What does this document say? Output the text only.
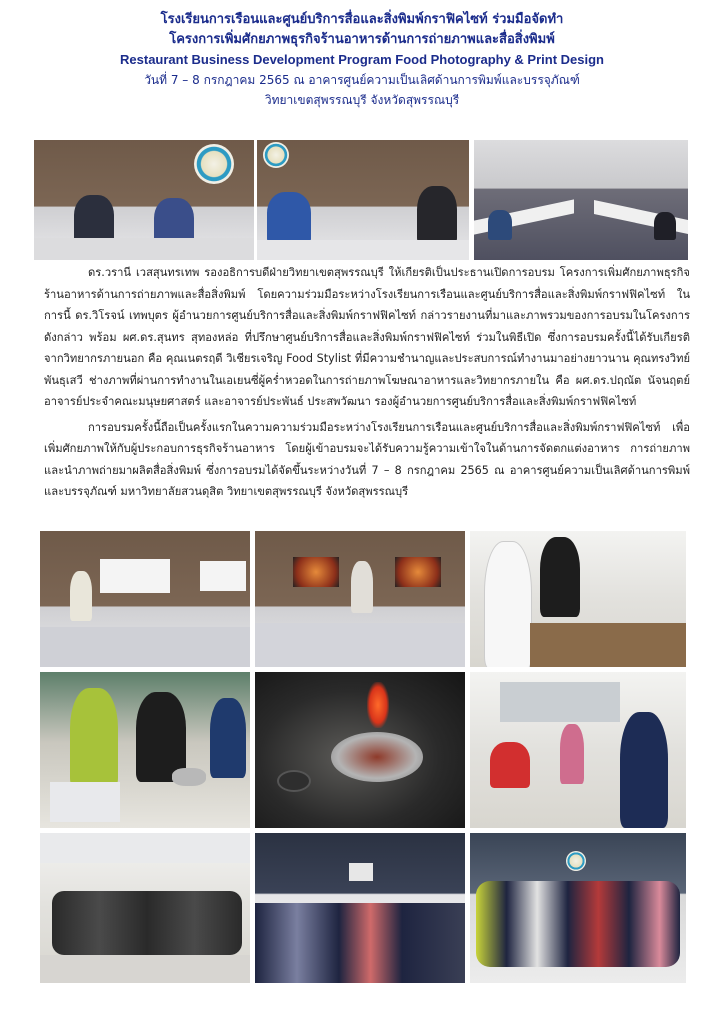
โรงเรียนการเรือนและศูนย์บริการสื่อและสิ่งพิมพ์กราฟิคไซท์ ร่วมมือจัดทำ
โครงการเพิ่มศักยภาพธุรกิจร้านอาหารด้านการถ่ายภาพและสื่อสิ่งพิมพ์
Restaurant Business Development Program Food Photography & Print Design
วันที่ 7 – 8 กรกฎาคม 2565 ณ อาคารศูนย์ความเป็นเลิศด้านการพิมพ์และบรรจุภัณฑ์
วิทยาเขตสุพรรณบุรี จังหวัดสุพรรณบุรี

ดร.วรานี เวสสุนทรเทพ รองอธิการบดีฝ่ายวิทยาเขตสุพรรณบุรี ให้เกียรติเป็นประธานเปิดการอบรม โครงการเพิ่มศักยภาพธุรกิจร้านอาหารด้านการถ่ายภาพและสื่อสิ่งพิมพ์ โดยความร่วมมือระหว่างโรงเรียนการเรือนและศูนย์บริการสื่อและสิ่งพิมพ์กราฟฟิคไซท์ ในการนี้ ดร.วิโรจน์ เทพบุตร ผู้อำนวยการศูนย์บริการสื่อและสิ่งพิมพ์กราฟฟิคไซท์ กล่าวรายงานที่มาและภาพรวมของการอบรมในโครงการดังกล่าว พร้อม ผศ.ดร.สุนทร สุทองหล่อ ที่ปรึกษาศูนย์บริการสื่อและสิ่งพิมพ์กราฟฟิคไซท์ ร่วมในพิธีเปิด ซึ่งการอบรมครั้งนี้ได้รับเกียรติจากวิทยากรภายนอก คือ คุณเนตรฤดี วิเชียรเจริญ Food Stylist ที่มีความชำนาญและประสบการณ์ทำงานมาอย่างยาวนาน คุณทรงวิทย์ พันธุเสวี ช่างภาพที่ผ่านการทำงานในเอเยนซี่ผู้คร่ำหวอดในการถ่ายภาพโฆษณาอาหารและวิทยากรภายใน คือ ผศ.ดร.ปฤณัต นัจนฤตย์ อาจารย์ประจำคณะมนุษยศาสตร์ และอาจารย์ประพันธ์ ประสพวัฒนา รองผู้อำนวยการศูนย์บริการสื่อและสิ่งพิมพ์กราฟฟิคไซท์

การอบรมครั้งนี้ถือเป็นครั้งแรกในความความร่วมมือระหว่างโรงเรียนการเรือนและศูนย์บริการสื่อและสิ่งพิมพ์กราฟฟิคไซท์ เพื่อเพิ่มศักยภาพให้กับผู้ประกอบการธุรกิจร้านอาหาร โดยผู้เข้าอบรมจะได้รับความรู้ความเข้าใจในด้านการจัดตกแต่งอาหาร การถ่ายภาพและนำภาพถ่ายมาผลิตสื่อสิ่งพิมพ์ ซึ่งการอบรมได้จัดขึ้นระหว่างวันที่ 7 – 8 กรกฎาคม 2565 ณ อาคารศูนย์ความเป็นเลิศด้านการพิมพ์และบรรจุภัณฑ์ มหาวิทยาลัยสวนดุสิต วิทยาเขตสุพรรณบุรี จังหวัดสุพรรณบุรี
